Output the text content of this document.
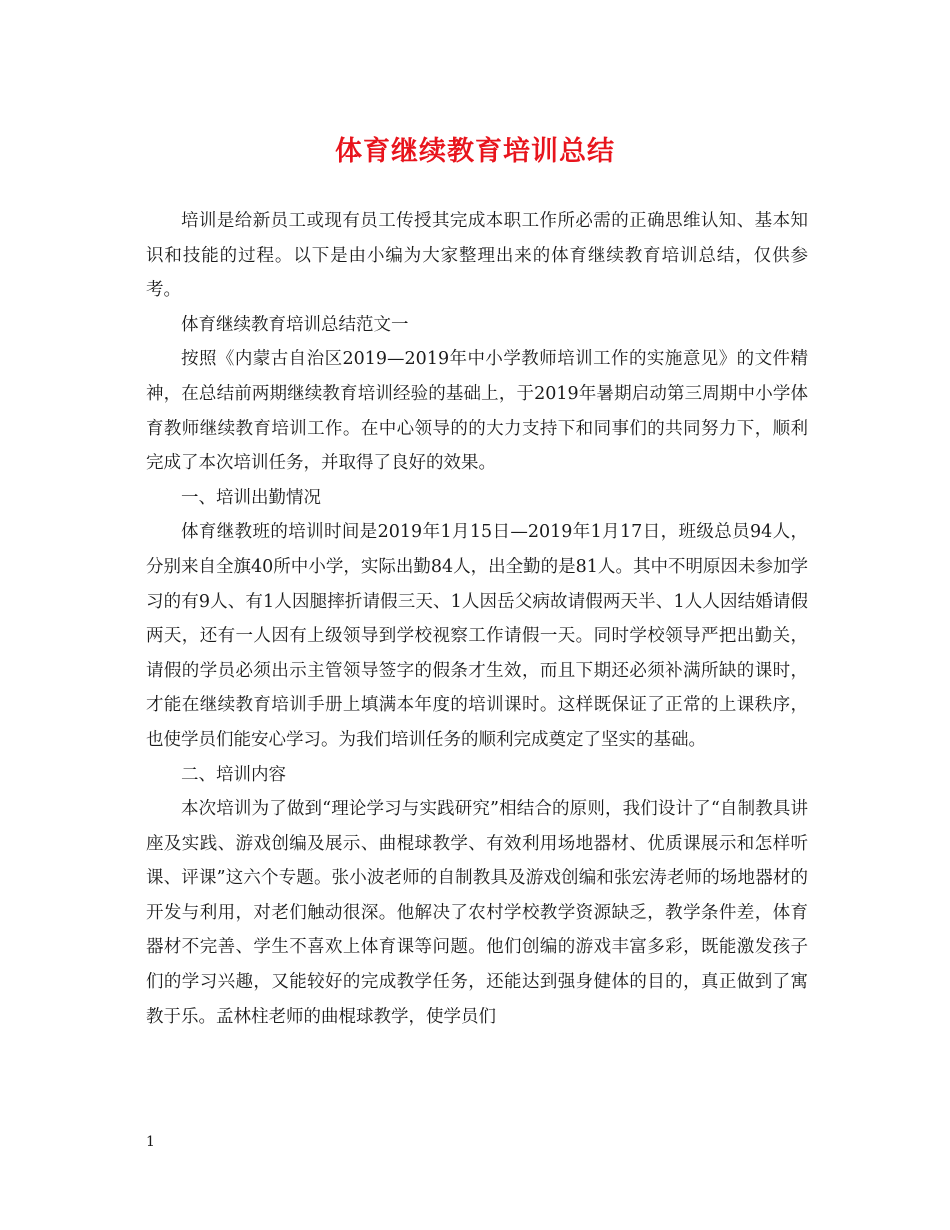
体育继续教育培训总结

培训是给新员工或现有员工传授其完成本职工作所必需的正确思维认知、基本知识和技能的过程。以下是由小编为大家整理出来的体育继续教育培训总结，仅供参考。

体育继续教育培训总结范文一

按照《内蒙古自治区2019—2019年中小学教师培训工作的实施意见》的文件精神，在总结前两期继续教育培训经验的基础上，于2019年暑期启动第三周期中小学体育教师继续教育培训工作。在中心领导的的大力支持下和同事们的共同努力下，顺利完成了本次培训任务，并取得了良好的效果。

一、培训出勤情况

体育继教班的培训时间是2019年1月15日—2019年1月17日，班级总员94人，分别来自全旗40所中小学，实际出勤84人，出全勤的是81人。其中不明原因未参加学习的有9人、有1人因腿摔折请假三天、1人因岳父病故请假两天半、1人人因结婚请假两天，还有一人因有上级领导到学校视察工作请假一天。同时学校领导严把出勤关，请假的学员必须出示主管领导签字的假条才生效，而且下期还必须补满所缺的课时，才能在继续教育培训手册上填满本年度的培训课时。这样既保证了正常的上课秩序，也使学员们能安心学习。为我们培训任务的顺利完成奠定了坚实的基础。

二、培训内容

本次培训为了做到“理论学习与实践研究”相结合的原则，我们设计了“自制教具讲座及实践、游戏创编及展示、曲棍球教学、有效利用场地器材、优质课展示和怎样听课、评课”这六个专题。张小波老师的自制教具及游戏创编和张宏涛老师的场地器材的开发与利用，对老们触动很深。他解决了农村学校教学资源缺乏，教学条件差，体育器材不完善、学生不喜欢上体育课等问题。他们创编的游戏丰富多彩，既能激发孩子们的学习兴趣，又能较好的完成教学任务，还能达到强身健体的目的，真正做到了寓教于乐。孟林柱老师的曲棍球教学，使学员们

1
